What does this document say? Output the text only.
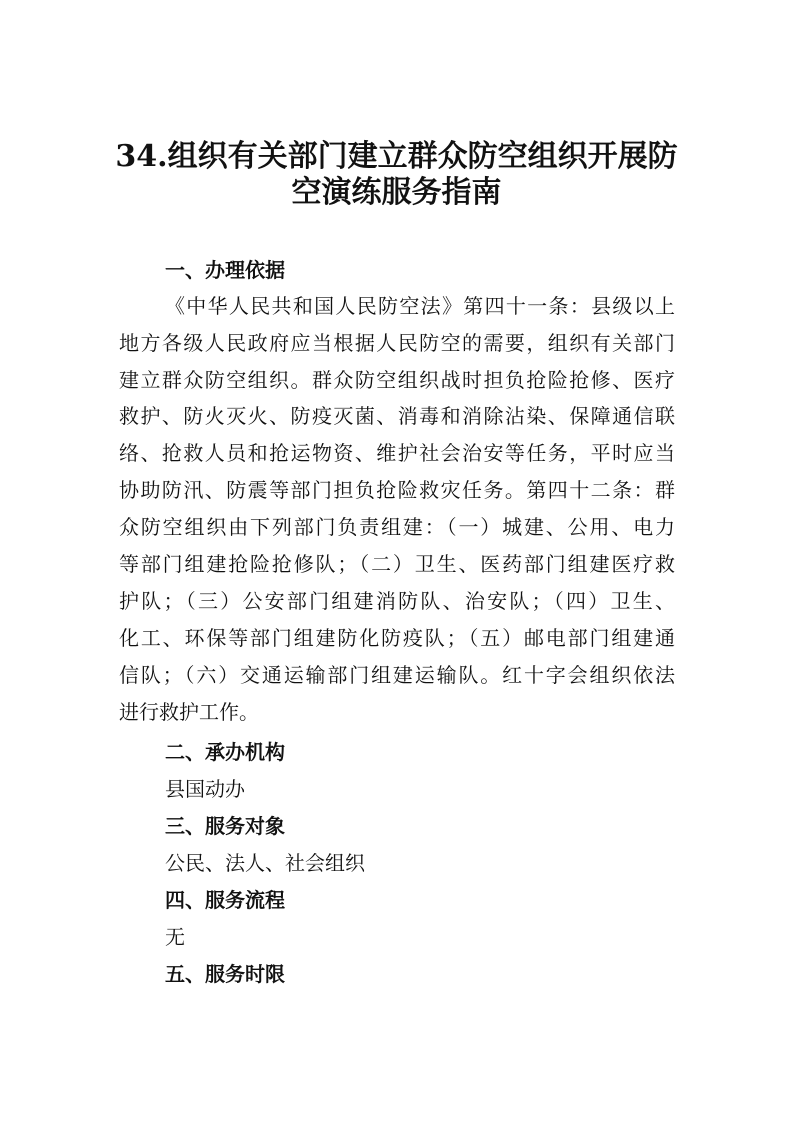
34.组织有关部门建立群众防空组织开展防
空演练服务指南
一、办理依据
《中华人民共和国人民防空法》第四十一条：县级以上
地方各级人民政府应当根据人民防空的需要，组织有关部门
建立群众防空组织。群众防空组织战时担负抢险抢修、医疗
救护、防火灭火、防疫灭菌、消毒和消除沾染、保障通信联
络、抢救人员和抢运物资、维护社会治安等任务，平时应当
协助防汛、防震等部门担负抢险救灾任务。第四十二条：群
众防空组织由下列部门负责组建：（一）城建、公用、电力
等部门组建抢险抢修队；（二）卫生、医药部门组建医疗救
护队；（三）公安部门组建消防队、治安队；（四）卫生、
化工、环保等部门组建防化防疫队；（五）邮电部门组建通
信队；（六）交通运输部门组建运输队。红十字会组织依法
进行救护工作。
二、承办机构
县国动办
三、服务对象
公民、法人、社会组织
四、服务流程
无
五、服务时限
